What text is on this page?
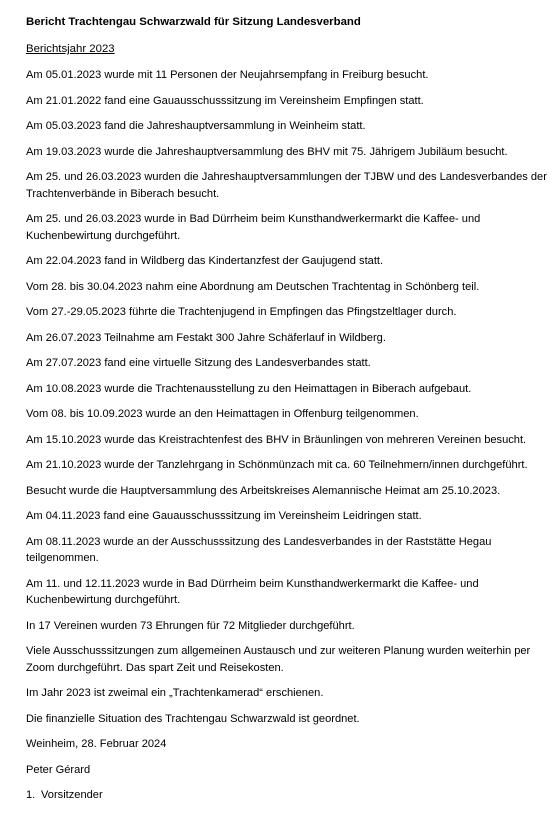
Bericht Trachtengau Schwarzwald für Sitzung Landesverband
Berichtsjahr 2023

Am 05.01.2023 wurde mit 11 Personen der Neujahrsempfang in Freiburg besucht.

Am 21.01.2022 fand eine Gauausschusssitzung im Vereinsheim Empfingen statt.

Am 05.03.2023 fand die Jahreshauptversammlung in Weinheim statt.

Am 19.03.2023 wurde die Jahreshauptversammlung des BHV mit 75. Jährigem Jubiläum besucht.

Am 25. und 26.03.2023 wurden die Jahreshauptversammlungen der TJBW und des Landesverbandes der Trachtenverbände in Biberach besucht.

Am 25. und 26.03.2023 wurde in Bad Dürrheim beim Kunsthandwerkermarkt die Kaffee- und Kuchenbewirtung durchgeführt.

Am 22.04.2023 fand in Wildberg das Kindertanzfest der Gaujugend statt.

Vom 28. bis 30.04.2023 nahm eine Abordnung am Deutschen Trachtentag in Schönberg teil.

Vom 27.-29.05.2023 führte die Trachtenjugend in Empfingen das Pfingstzeltlager durch.

Am 26.07.2023 Teilnahme am Festakt 300 Jahre Schäferlauf in Wildberg.

Am 27.07.2023 fand eine virtuelle Sitzung des Landesverbandes statt.

Am 10.08.2023 wurde die Trachtenausstellung zu den Heimattagen in Biberach aufgebaut.

Vom 08. bis 10.09.2023 wurde an den Heimattagen in Offenburg teilgenommen.

Am 15.10.2023 wurde das Kreistrachtenfest des BHV in Bräunlingen von mehreren Vereinen besucht.

Am 21.10.2023 wurde der Tanzlehrgang in Schönmünzach mit ca. 60 Teilnehmern/innen durchgeführt.

Besucht wurde die Hauptversammlung des Arbeitskreises Alemannische Heimat am 25.10.2023.

Am 04.11.2023 fand eine Gauausschusssitzung im Vereinsheim Leidringen statt.

Am 08.11.2023 wurde an der Ausschusssitzung des Landesverbandes in der Raststätte Hegau teilgenommen.

Am 11. und 12.11.2023 wurde in Bad Dürrheim beim Kunsthandwerkermarkt die Kaffee- und Kuchenbewirtung durchgeführt.

In 17 Vereinen wurden 73 Ehrungen für 72 Mitglieder durchgeführt.

Viele Ausschusssitzungen zum allgemeinen Austausch und zur weiteren Planung wurden weiterhin per Zoom durchgeführt. Das spart Zeit und Reisekosten.

Im Jahr 2023 ist zweimal ein „Trachtenkamerad“ erschienen.

Die finanzielle Situation des Trachtengau Schwarzwald ist geordnet.

Weinheim, 28. Februar 2024

Peter Gérard

1. Vorsitzender
